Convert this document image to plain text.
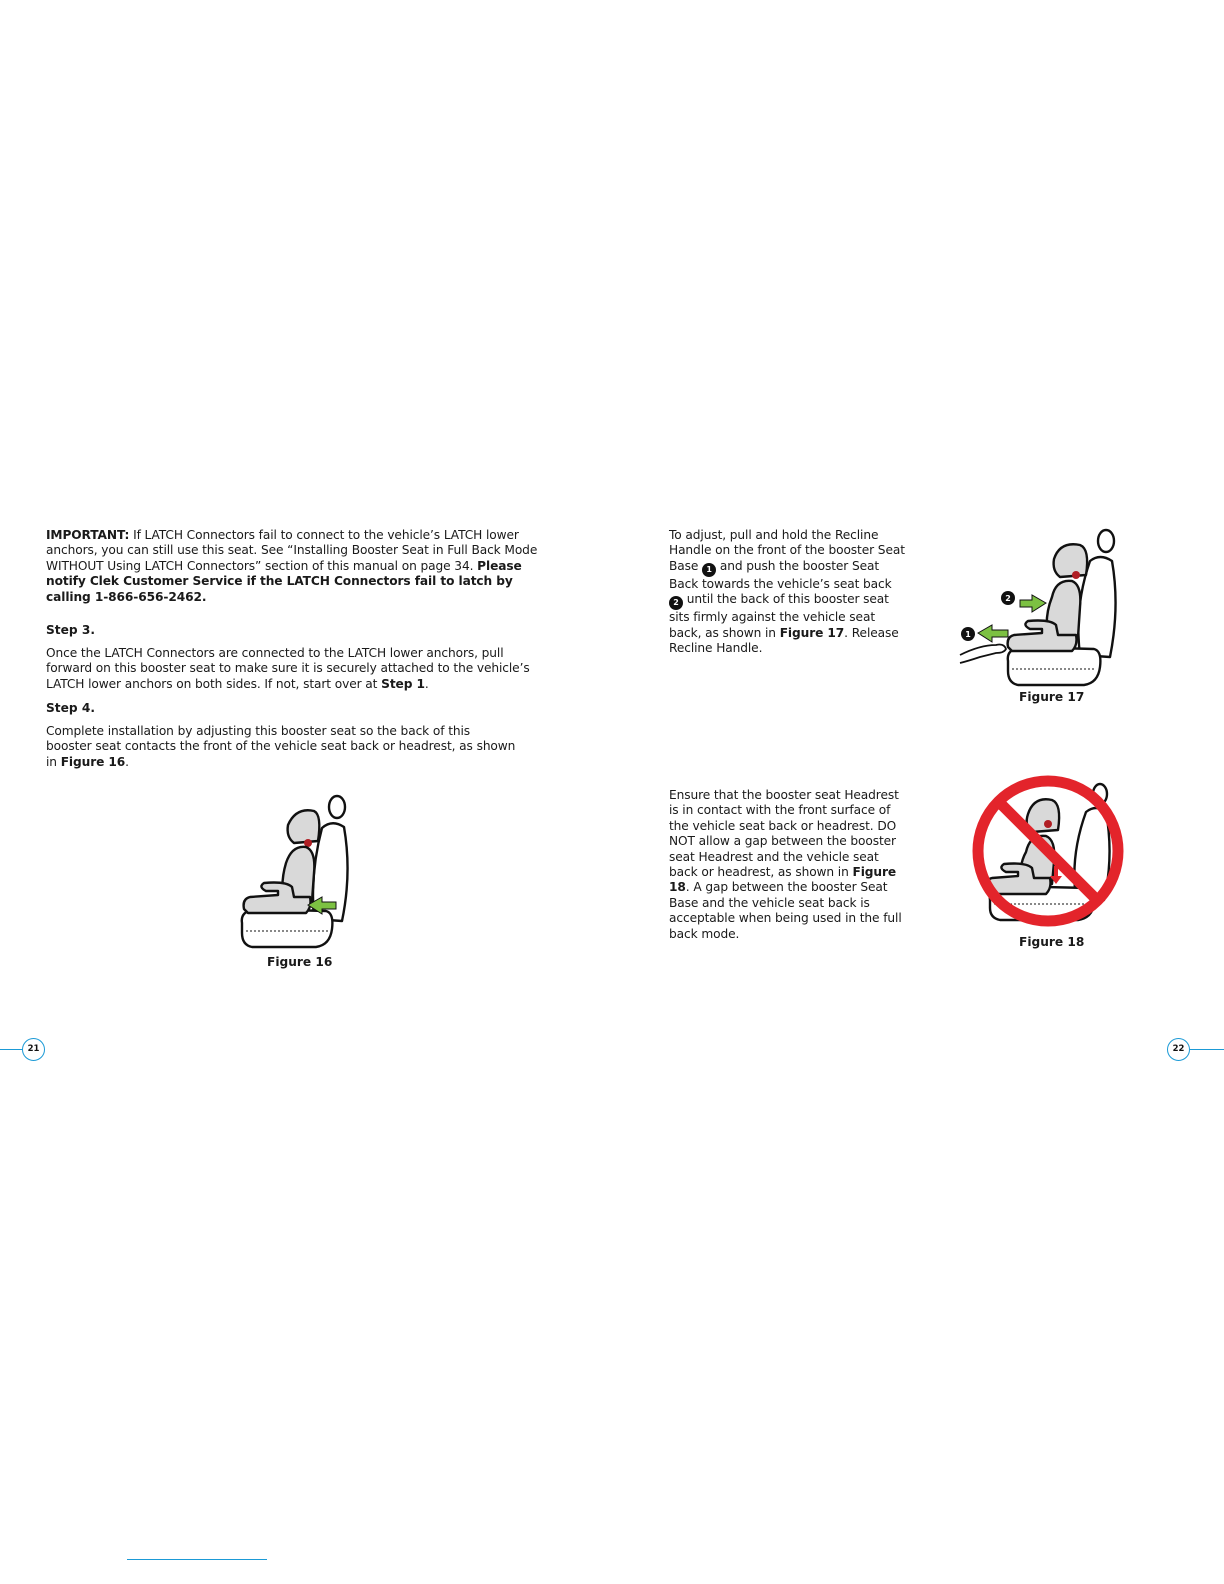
IMPORTANT: If LATCH Connectors fail to connect to the vehicle’s LATCH lower anchors, you can still use this seat. See “Installing Booster Seat in Full Back Mode WITHOUT Using LATCH Connectors” section of this manual on page 34. Please notify Clek Customer Service if the LATCH Connectors fail to latch by calling 1-866-656-2462.

Step 3.

Once the LATCH Connectors are connected to the LATCH lower anchors, pull forward on this booster seat to make sure it is securely attached to the vehicle’s LATCH lower anchors on both sides. If not, start over at Step 1.

Step 4.

Complete installation by adjusting this booster seat so the back of this booster seat contacts the front of the vehicle seat back or headrest, as shown in Figure 16.

Figure 16

21

To adjust, pull and hold the Recline Handle on the front of the booster Seat Base 1 and push the booster Seat Back towards the vehicle’s seat back 2 until the back of this booster seat sits firmly against the vehicle seat back, as shown in Figure 17. Release Recline Handle.

1
2

Figure 17

Ensure that the booster seat Headrest is in contact with the front surface of the vehicle seat back or headrest. DO NOT allow a gap between the booster seat Headrest and the vehicle seat back or headrest, as shown in Figure 18. A gap between the booster Seat Base and the vehicle seat back is acceptable when being used in the full back mode.

Figure 18

22
